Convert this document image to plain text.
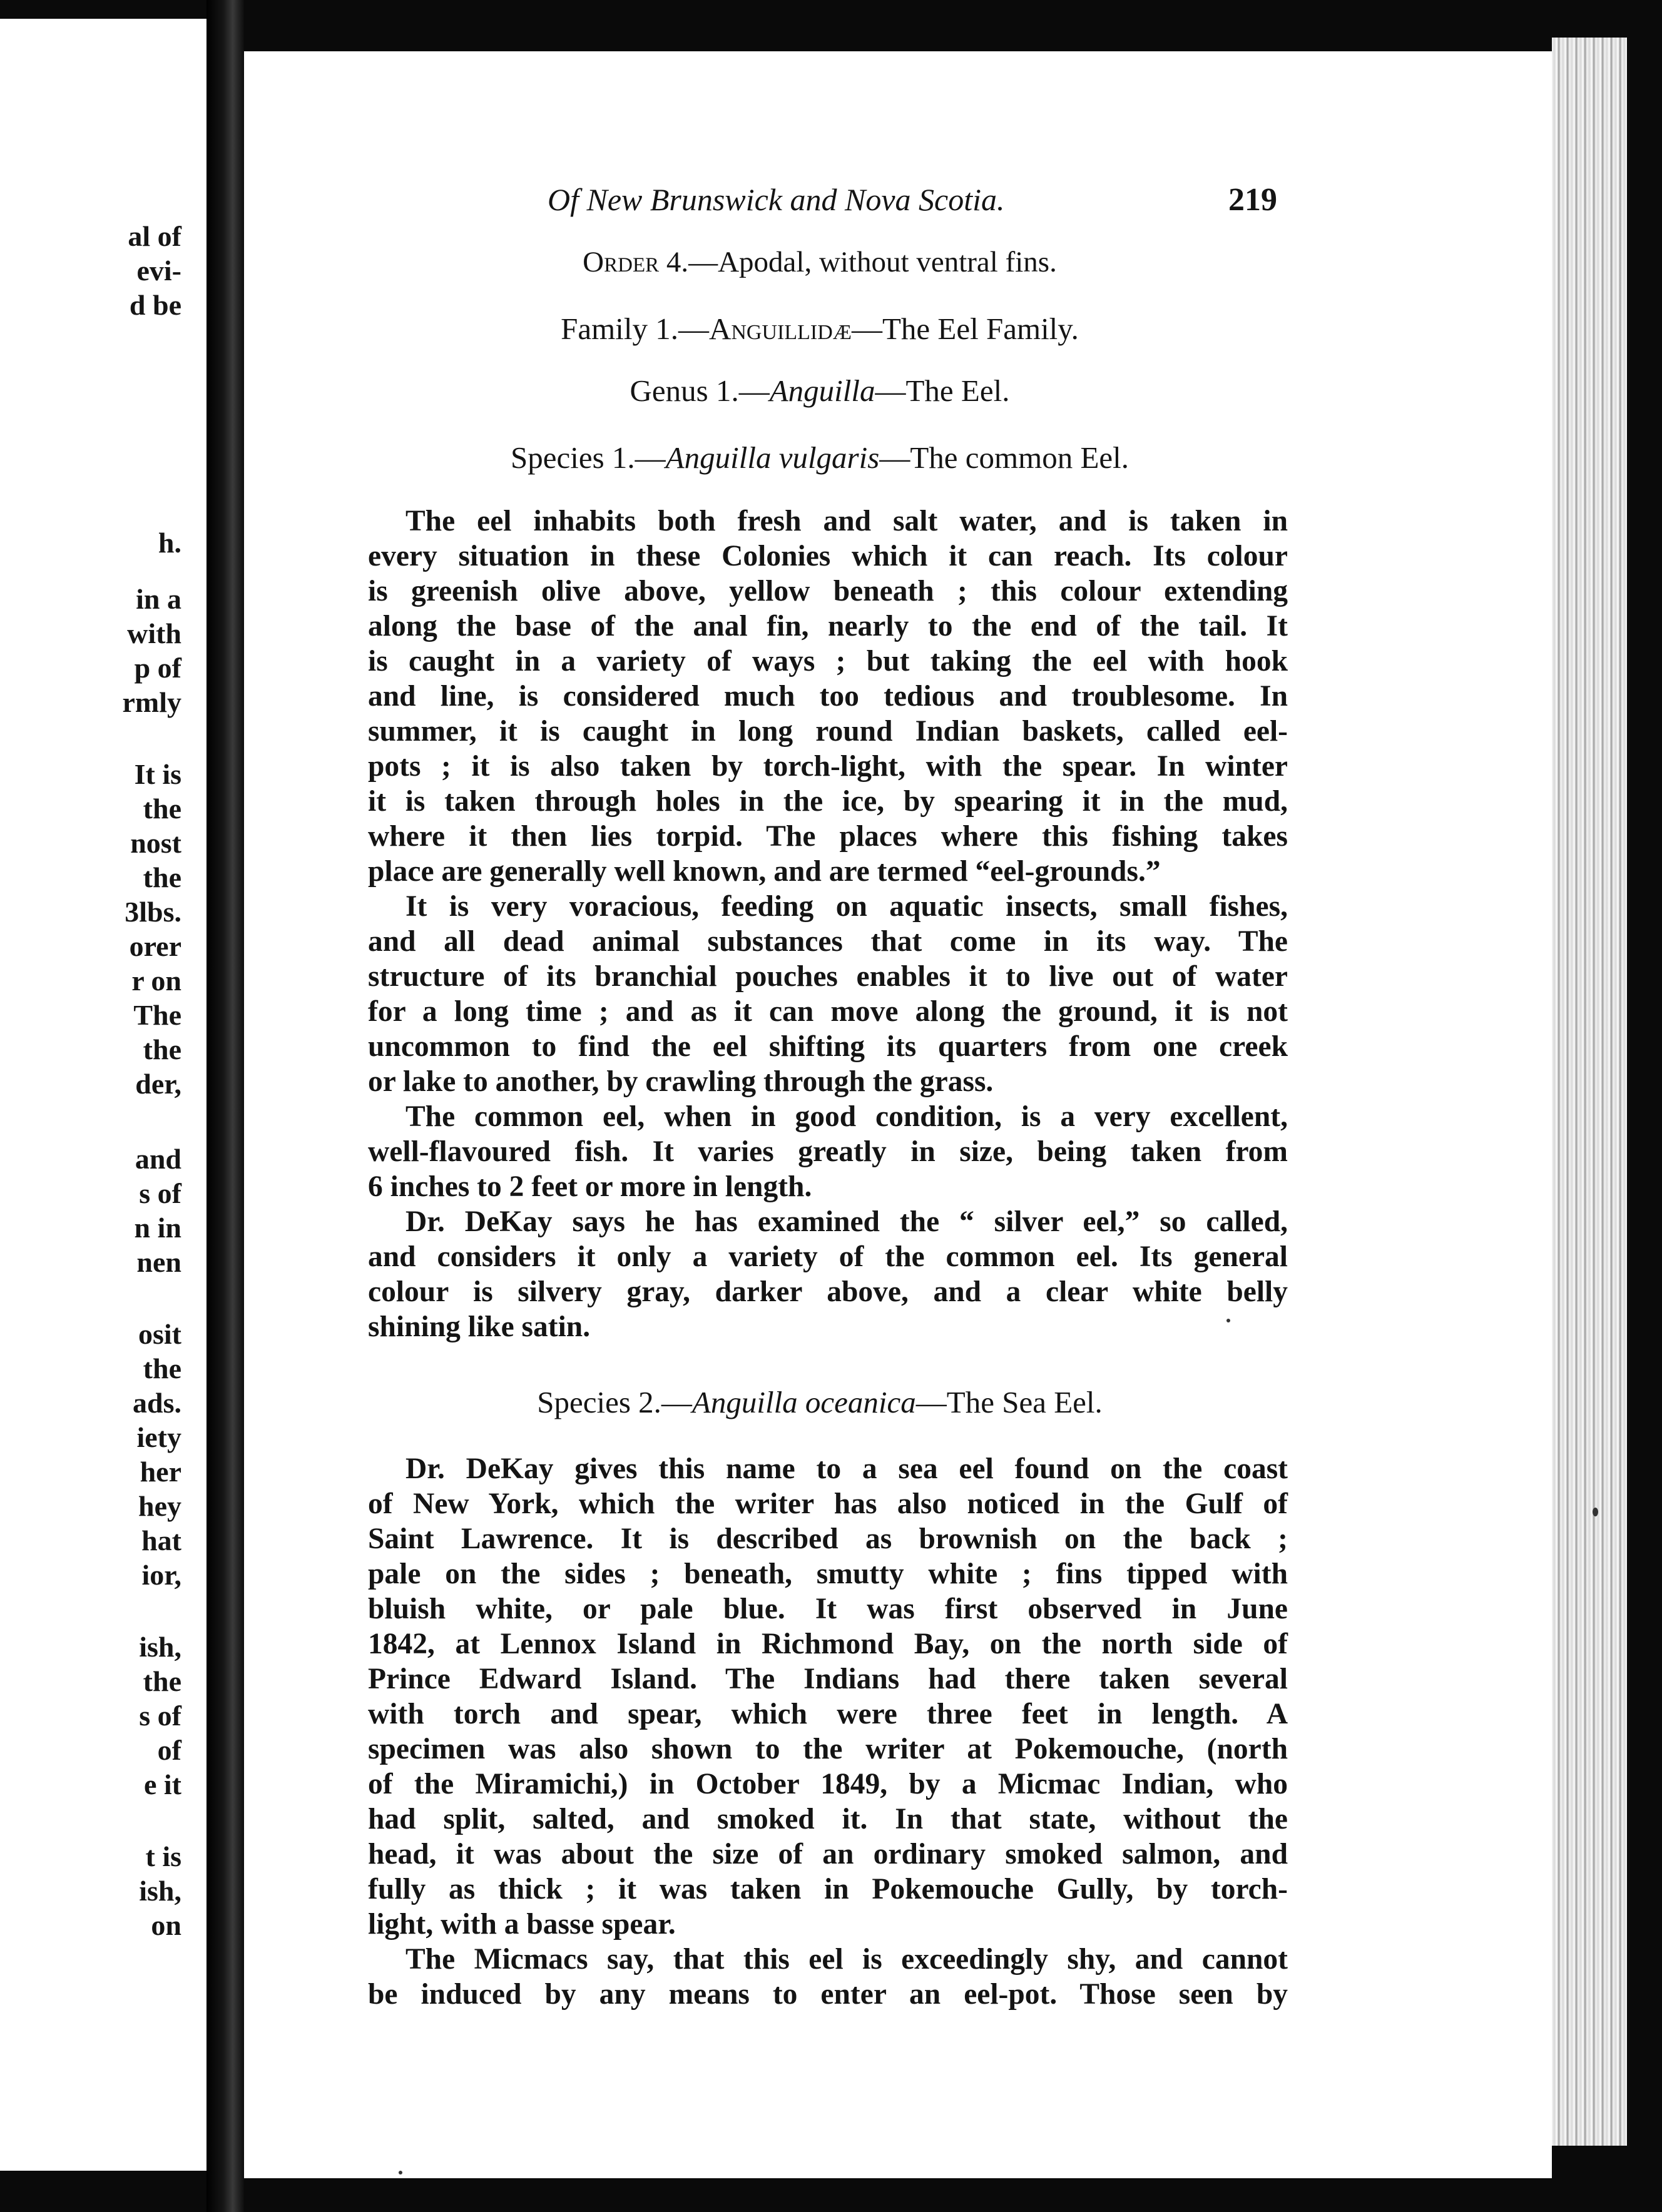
al of
evi-
d be
h.
in a
with
p of
rmly
It is
the
nost
the
3lbs.
orer
r on
The
the
der,
and
s of
n in
nen
osit
the
ads.
iety
her
hey
hat
ior,
ish,
the
s of
of
e it
t is
ish,
on
Of New Brunswick and Nova Scotia.	219
Order 4.—Apodal, without ventral fins.
Family 1.—Anguillidæ—The Eel Family.
Genus 1.—Anguilla—The Eel.
Species 1.—Anguilla vulgaris—The common Eel.
The eel inhabits both fresh and salt water, and is taken in
every situation in these Colonies which it can reach. Its colour
is greenish olive above, yellow beneath ; this colour extending
along the base of the anal fin, nearly to the end of the tail. It
is caught in a variety of ways ; but taking the eel with hook
and line, is considered much too tedious and troublesome. In
summer, it is caught in long round Indian baskets, called eel-
pots ; it is also taken by torch-light, with the spear. In winter
it is taken through holes in the ice, by spearing it in the mud,
where it then lies torpid. The places where this fishing takes
place are generally well known, and are termed “eel-grounds.”
It is very voracious, feeding on aquatic insects, small fishes,
and all dead animal substances that come in its way. The
structure of its branchial pouches enables it to live out of water
for a long time ; and as it can move along the ground, it is not
uncommon to find the eel shifting its quarters from one creek
or lake to another, by crawling through the grass.
The common eel, when in good condition, is a very excellent,
well-flavoured fish. It varies greatly in size, being taken from
6 inches to 2 feet or more in length.
Dr. DeKay says he has examined the “ silver eel,” so called,
and considers it only a variety of the common eel. Its general
colour is silvery gray, darker above, and a clear white belly
shining like satin.
Species 2.—Anguilla oceanica—The Sea Eel.
Dr. DeKay gives this name to a sea eel found on the coast
of New York, which the writer has also noticed in the Gulf of
Saint Lawrence. It is described as brownish on the back ;
pale on the sides ; beneath, smutty white ; fins tipped with
bluish white, or pale blue. It was first observed in June
1842, at Lennox Island in Richmond Bay, on the north side of
Prince Edward Island. The Indians had there taken several
with torch and spear, which were three feet in length. A
specimen was also shown to the writer at Pokemouche, (north
of the Miramichi,) in October 1849, by a Micmac Indian, who
had split, salted, and smoked it. In that state, without the
head, it was about the size of an ordinary smoked salmon, and
fully as thick ; it was taken in Pokemouche Gully, by torch-
light, with a basse spear.
The Micmacs say, that this eel is exceedingly shy, and cannot
be induced by any means to enter an eel-pot. Those seen by
